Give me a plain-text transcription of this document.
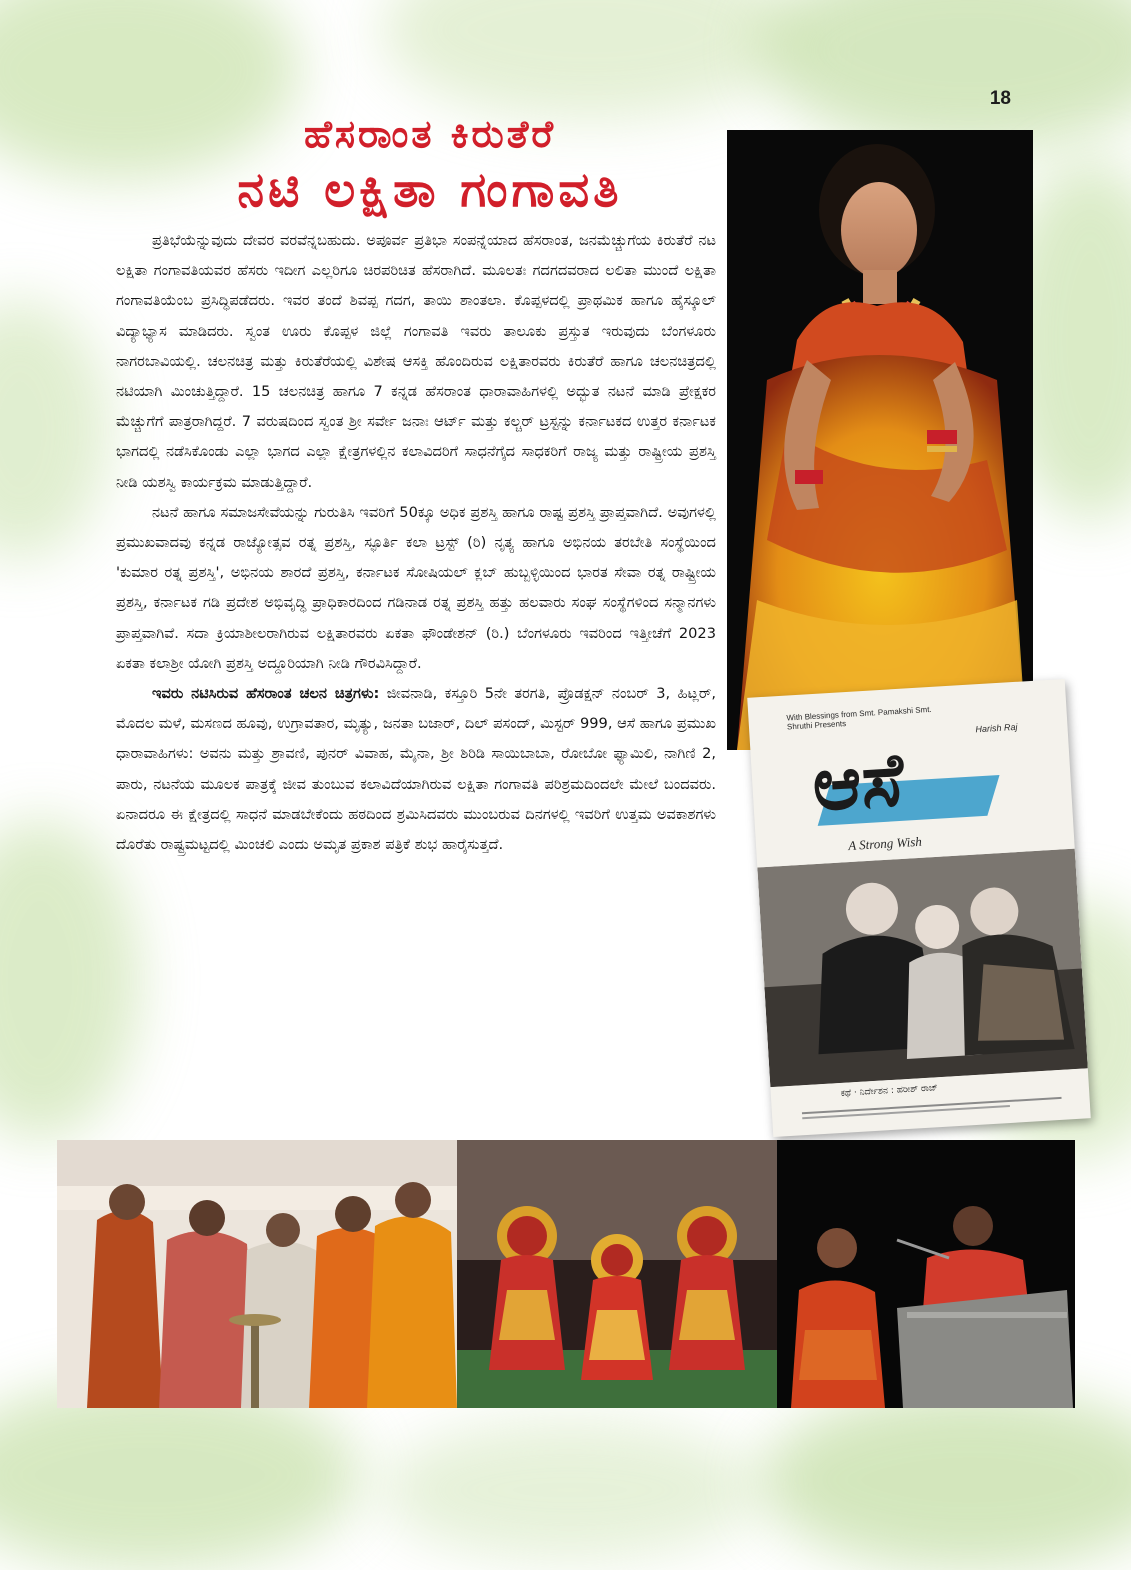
18
ಹೆಸರಾಂತ ಕಿರುತೆರೆ
ನಟಿ ಲಕ್ಷಿತಾ ಗಂಗಾವತಿ

ಪ್ರತಿಭೆಯೆನ್ನುವುದು ದೇವರ ವರವೆನ್ನಬಹುದು. ಅಪೂರ್ವ ಪ್ರತಿಭಾ ಸಂಪನ್ನೆಯಾದ ಹೆಸರಾಂತ, ಜನಮೆಚ್ಚುಗೆಯ ಕಿರುತೆರೆ ನಟ ಲಕ್ಷಿತಾ ಗಂಗಾವತಿಯವರ ಹೆಸರು ಇದೀಗ ಎಲ್ಲರಿಗೂ ಚಿರಪರಿಚಿತ ಹೆಸರಾಗಿದೆ. ಮೂಲತಃ ಗದಗದವರಾದ ಲಲಿತಾ ಮುಂದೆ ಲಕ್ಷಿತಾ ಗಂಗಾವತಿಯೆಂಬ ಪ್ರಸಿದ್ಧಿಪಡೆದರು. ಇವರ ತಂದೆ ಶಿವಪ್ಪ ಗದಗ, ತಾಯಿ ಶಾಂತಲಾ. ಕೊಪ್ಪಳದಲ್ಲಿ ಪ್ರಾಥಮಿಕ ಹಾಗೂ ಹೈಸ್ಕೂಲ್ ವಿದ್ಯಾಭ್ಯಾಸ ಮಾಡಿದರು. ಸ್ವಂತ ಊರು ಕೊಪ್ಪಳ ಜಿಲ್ಲೆ ಗಂಗಾವತಿ ಇವರು ತಾಲೂಕು ಪ್ರಸ್ತುತ ಇರುವುದು ಬೆಂಗಳೂರು ನಾಗರಬಾವಿಯಲ್ಲಿ. ಚಲನಚಿತ್ರ ಮತ್ತು ಕಿರುತೆರೆಯಲ್ಲಿ ವಿಶೇಷ ಆಸಕ್ತಿ ಹೊಂದಿರುವ ಲಕ್ಷಿತಾರವರು ಕಿರುತೆರೆ ಹಾಗೂ ಚಲನಚಿತ್ರದಲ್ಲಿ ನಟಿಯಾಗಿ ಮಿಂಚುತ್ತಿದ್ದಾರೆ. 15 ಚಲನಚಿತ್ರ ಹಾಗೂ 7 ಕನ್ನಡ ಹೆಸರಾಂತ ಧಾರಾವಾಹಿಗಳಲ್ಲಿ ಅದ್ಭುತ ನಟನೆ ಮಾಡಿ ಪ್ರೇಕ್ಷಕರ ಮೆಚ್ಚುಗೆಗೆ ಪಾತ್ರರಾಗಿದ್ದರೆ. 7 ವರುಷದಿಂದ ಸ್ವಂತ ಶ್ರೀ ಸರ್ವೇ ಜನಾಃ ಆರ್ಟ್ ಮತ್ತು ಕಲ್ಚರ್ ಟ್ರಸ್ಟನ್ನು ಕರ್ನಾಟಕದ ಉತ್ತರ ಕರ್ನಾಟಕ ಭಾಗದಲ್ಲಿ ನಡೆಸಿಕೊಂಡು ಎಲ್ಲಾ ಭಾಗದ ಎಲ್ಲಾ ಕ್ಷೇತ್ರಗಳಲ್ಲಿನ ಕಲಾವಿದರಿಗೆ ಸಾಧನೆಗೈದ ಸಾಧಕರಿಗೆ ರಾಜ್ಯ ಮತ್ತು ರಾಷ್ಟ್ರೀಯ ಪ್ರಶಸ್ತಿ ನೀಡಿ ಯಶಸ್ವಿ ಕಾರ್ಯಕ್ರಮ ಮಾಡುತ್ತಿದ್ದಾರೆ.

ನಟನೆ ಹಾಗೂ ಸಮಾಜಸೇವೆಯನ್ನು ಗುರುತಿಸಿ ಇವರಿಗೆ 50ಕ್ಕೂ ಅಧಿಕ ಪ್ರಶಸ್ತಿ ಹಾಗೂ ರಾಷ್ಟ ಪ್ರಶಸ್ತಿ ಪ್ರಾಪ್ತವಾಗಿದೆ. ಅವುಗಳಲ್ಲಿ ಪ್ರಮುಖವಾದವು ಕನ್ನಡ ರಾಜ್ಯೋತ್ಸವ ರತ್ನ ಪ್ರಶಸ್ತಿ, ಸ್ಫೂರ್ತಿ ಕಲಾ ಟ್ರಸ್ಟ್ (ರಿ) ನೃತ್ಯ ಹಾಗೂ ಅಭಿನಯ ತರಬೇತಿ ಸಂಸ್ಥೆಯಿಂದ 'ಕುಮಾರ ರತ್ನ ಪ್ರಶಸ್ತಿ', ಅಭಿನಯ ಶಾರದೆ ಪ್ರಶಸ್ತಿ, ಕರ್ನಾಟಕ ಸೋಷಿಯಲ್ ಕ್ಲಬ್ ಹುಬ್ಬಳ್ಳಿಯಿಂದ ಭಾರತ ಸೇವಾ ರತ್ನ ರಾಷ್ಟ್ರೀಯ ಪ್ರಶಸ್ತಿ, ಕರ್ನಾಟಕ ಗಡಿ ಪ್ರದೇಶ ಅಭಿವೃದ್ಧಿ ಪ್ರಾಧಿಕಾರದಿಂದ ಗಡಿನಾಡ ರತ್ನ ಪ್ರಶಸ್ತಿ ಹತ್ತು ಹಲವಾರು ಸಂಘ ಸಂಸ್ಥೆಗಳಿಂದ ಸನ್ಮಾನಗಳು ಪ್ರಾಪ್ತವಾಗಿವೆ. ಸದಾ ಕ್ರಿಯಾಶೀಲರಾಗಿರುವ ಲಕ್ಷಿತಾರವರು ಏಕತಾ ಫೌಂಡೇಶನ್ (ರಿ.) ಬೆಂಗಳೂರು ಇವರಿಂದ ಇತ್ತೀಚೆಗೆ 2023 ಏಕತಾ ಕಲಾಶ್ರೀ ಯೋಗಿ ಪ್ರಶಸ್ತಿ ಅದ್ದೂರಿಯಾಗಿ ನೀಡಿ ಗೌರವಿಸಿದ್ದಾರೆ.

ಇವರು ನಟಿಸಿರುವ ಹೆಸರಾಂತ ಚಲನ ಚಿತ್ರಗಳು: ಜೀವನಾಡಿ, ಕಸ್ತೂರಿ 5ನೇ ತರಗತಿ, ಪ್ರೊಡಕ್ಷನ್ ನಂಬರ್ 3, ಹಿಟ್ಲರ್, ಮೊದಲ ಮಳೆ, ಮಸಣದ ಹೂವು, ಉಗ್ರಾವತಾರ, ಮೃತ್ಯು, ಜನತಾ ಬಜಾರ್, ದಿಲ್ ಪಸಂದ್, ಮಿಸ್ಟರ್ 999, ಆಸೆ ಹಾಗೂ ಪ್ರಮುಖ ಧಾರಾವಾಹಿಗಳು: ಅವನು ಮತ್ತು ಶ್ರಾವಣಿ, ಪುನರ್ ವಿವಾಹ, ಮೈನಾ, ಶ್ರೀ ಶಿರಿಡಿ ಸಾಯಿಬಾಬಾ, ರೋಬೋ ಫ್ಯಾಮಿಲಿ, ನಾಗಿಣಿ 2, ಪಾರು, ನಟನೆಯ ಮೂಲಕ ಪಾತ್ರಕ್ಕೆ ಜೀವ ತುಂಬುವ ಕಲಾವಿದೆಯಾಗಿರುವ ಲಕ್ಷಿತಾ ಗಂಗಾವತಿ ಪರಿಶ್ರಮದಿಂದಲೇ ಮೇಲೆ ಬಂದವರು. ಏನಾದರೂ ಈ ಕ್ಷೇತ್ರದಲ್ಲಿ ಸಾಧನೆ ಮಾಡಬೇಕೆಂದು ಹಠದಿಂದ ಶ್ರಮಿಸಿದವರು ಮುಂಬರುವ ದಿನಗಳಲ್ಲಿ ಇವರಿಗೆ ಉತ್ತಮ ಅವಕಾಶಗಳು ದೊರೆತು ರಾಷ್ಟ್ರಮಟ್ಟದಲ್ಲಿ ಮಿಂಚಲಿ ಎಂದು ಅಮೃತ ಪ್ರಕಾಶ ಪತ್ರಿಕೆ ಶುಭ ಹಾರೈಸುತ್ತದೆ.

With Blessings from Smt. Pamakshi Smt. Shruthi Presents	Harish Raj
ಆಸೆ
A Strong Wish
ಕಥೆ · ನಿರ್ದೇಶನ : ಹರೀಶ್ ರಾಜ್
